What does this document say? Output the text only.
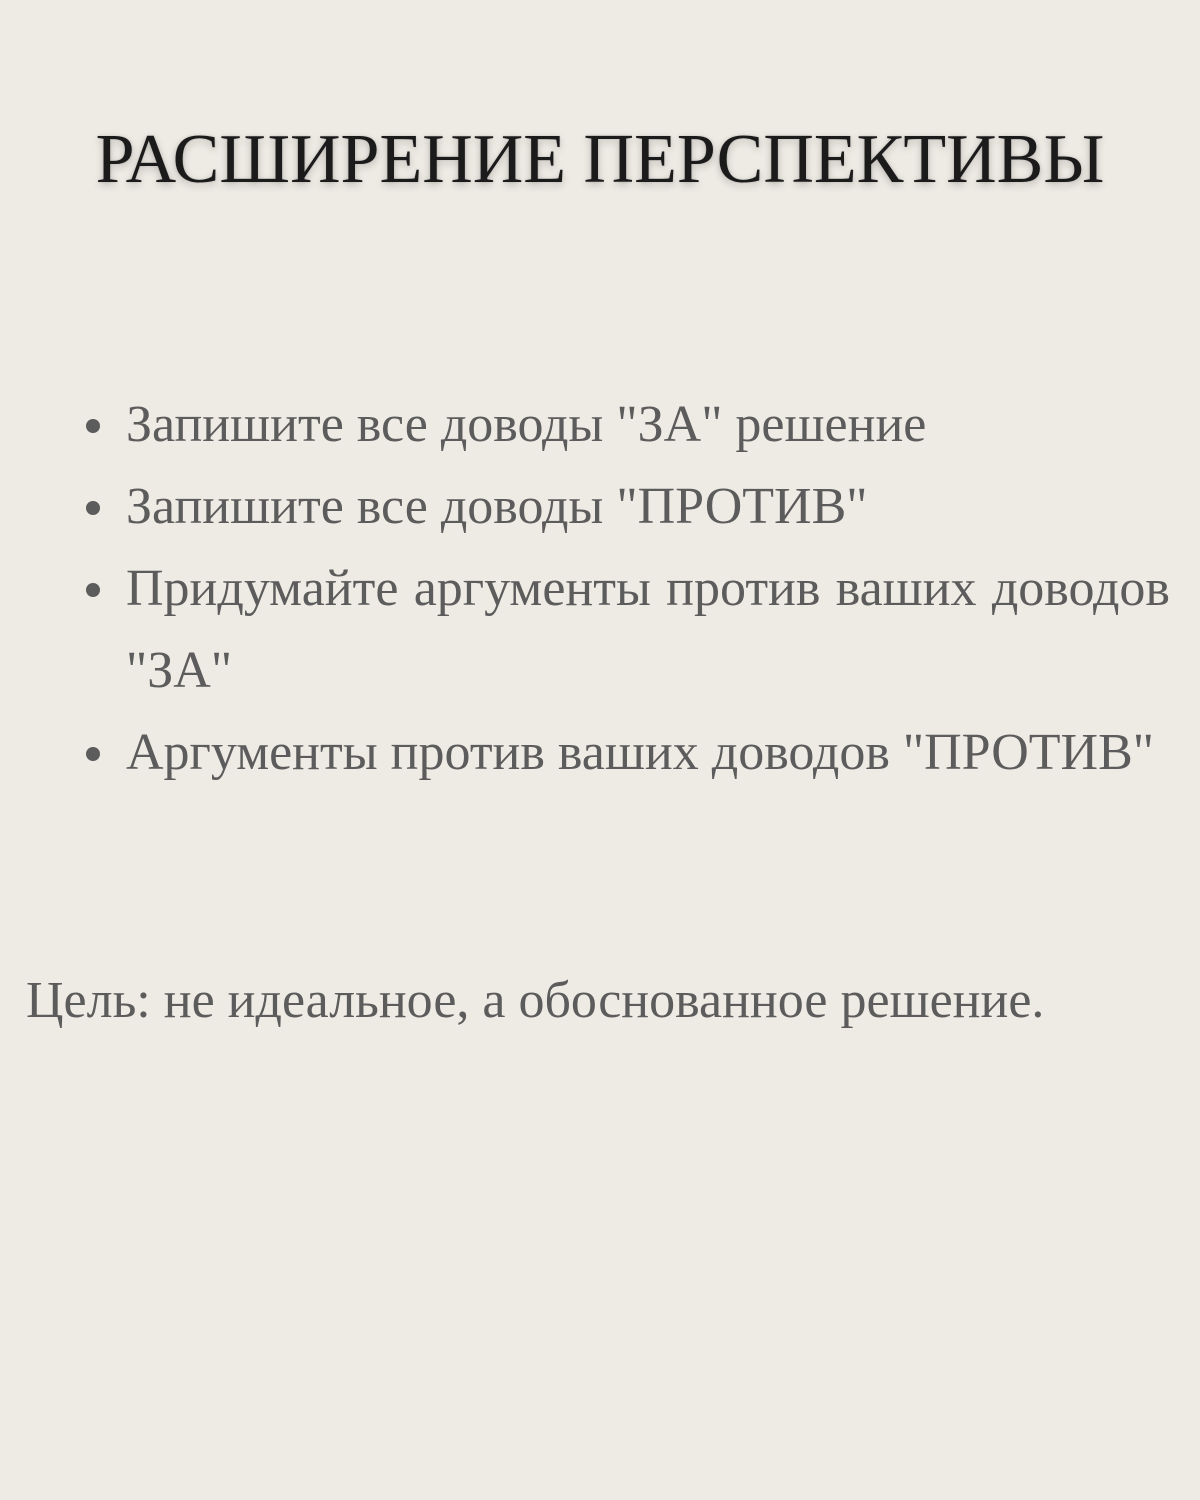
РАСШИРЕНИЕ ПЕРСПЕКТИВЫ
Запишите все доводы "ЗА" решение
Запишите все доводы "ПРОТИВ"
Придумайте аргументы против ваших доводов "ЗА"
Аргументы против ваших доводов "ПРОТИВ"

Цель: не идеальное, а обоснованное решение.
